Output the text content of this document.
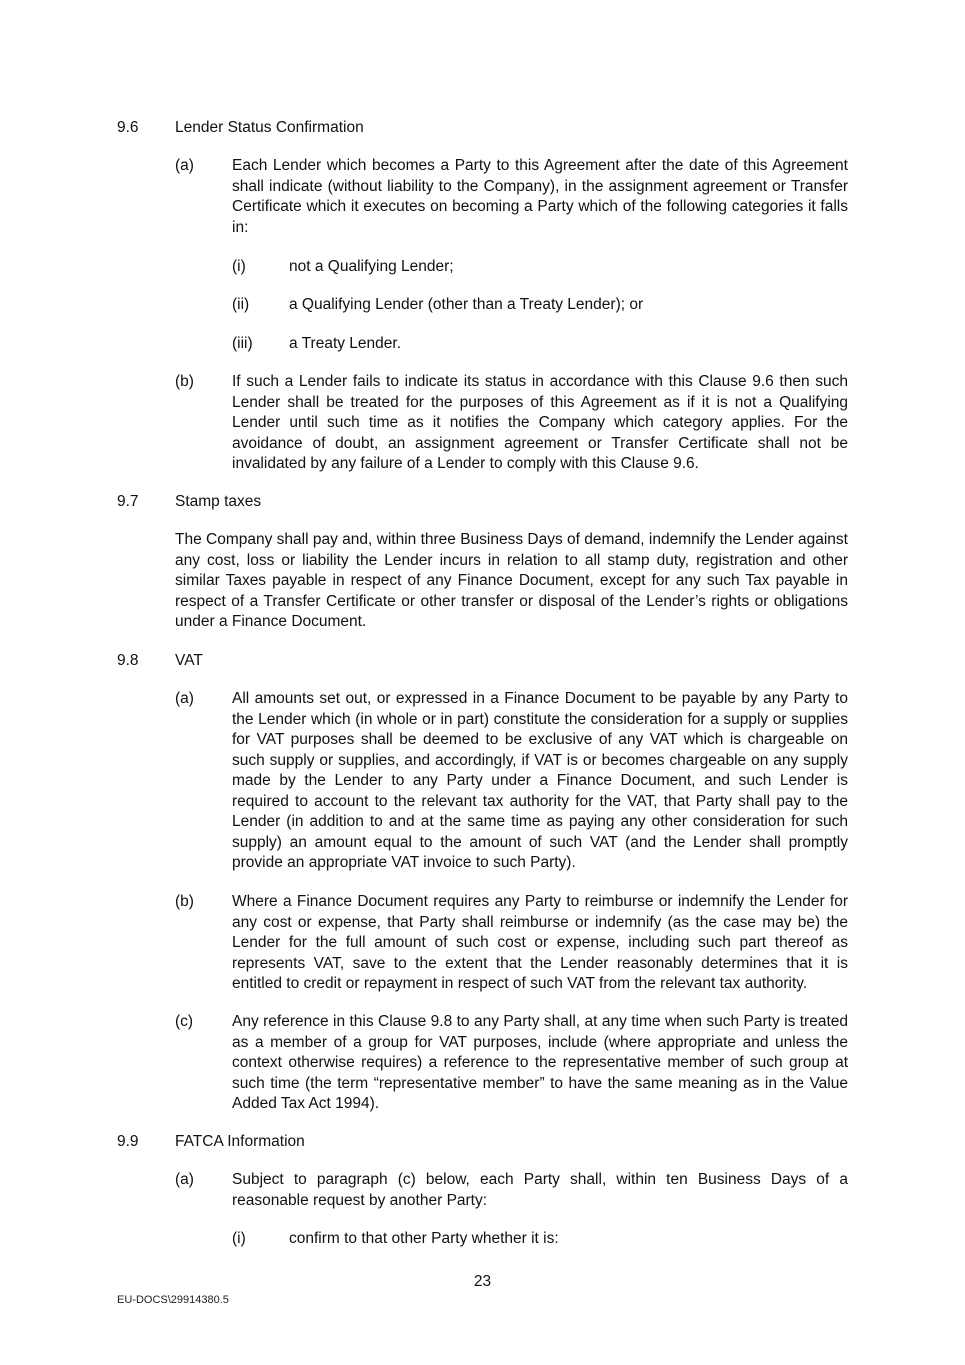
9.6	Lender Status Confirmation
(a)	Each Lender which becomes a Party to this Agreement after the date of this Agreement shall indicate (without liability to the Company), in the assignment agreement or Transfer Certificate which it executes on becoming a Party which of the following categories it falls in:
(i)	not a Qualifying Lender;
(ii)	a Qualifying Lender (other than a Treaty Lender); or
(iii)	a Treaty Lender.
(b)	If such a Lender fails to indicate its status in accordance with this Clause 9.6 then such Lender shall be treated for the purposes of this Agreement as if it is not a Qualifying Lender until such time as it notifies the Company which category applies. For the avoidance of doubt, an assignment agreement or Transfer Certificate shall not be invalidated by any failure of a Lender to comply with this Clause 9.6.
9.7	Stamp taxes
The Company shall pay and, within three Business Days of demand, indemnify the Lender against any cost, loss or liability the Lender incurs in relation to all stamp duty, registration and other similar Taxes payable in respect of any Finance Document, except for any such Tax payable in respect of a Transfer Certificate or other transfer or disposal of the Lender’s rights or obligations under a Finance Document.
9.8	VAT
(a)	All amounts set out, or expressed in a Finance Document to be payable by any Party to the Lender which (in whole or in part) constitute the consideration for a supply or supplies for VAT purposes shall be deemed to be exclusive of any VAT which is chargeable on such supply or supplies, and accordingly, if VAT is or becomes chargeable on any supply made by the Lender to any Party under a Finance Document, and such Lender is required to account to the relevant tax authority for the VAT, that Party shall pay to the Lender (in addition to and at the same time as paying any other consideration for such supply) an amount equal to the amount of such VAT (and the Lender shall promptly provide an appropriate VAT invoice to such Party).
(b)	Where a Finance Document requires any Party to reimburse or indemnify the Lender for any cost or expense, that Party shall reimburse or indemnify (as the case may be) the Lender for the full amount of such cost or expense, including such part thereof as represents VAT, save to the extent that the Lender reasonably determines that it is entitled to credit or repayment in respect of such VAT from the relevant tax authority.
(c)	Any reference in this Clause 9.8 to any Party shall, at any time when such Party is treated as a member of a group for VAT purposes, include (where appropriate and unless the context otherwise requires) a reference to the representative member of such group at such time (the term “representative member” to have the same meaning as in the Value Added Tax Act 1994).
9.9	FATCA Information
(a)	Subject to paragraph (c) below, each Party shall, within ten Business Days of a reasonable request by another Party:
(i)	confirm to that other Party whether it is:
23
EU-DOCS\29914380.5
